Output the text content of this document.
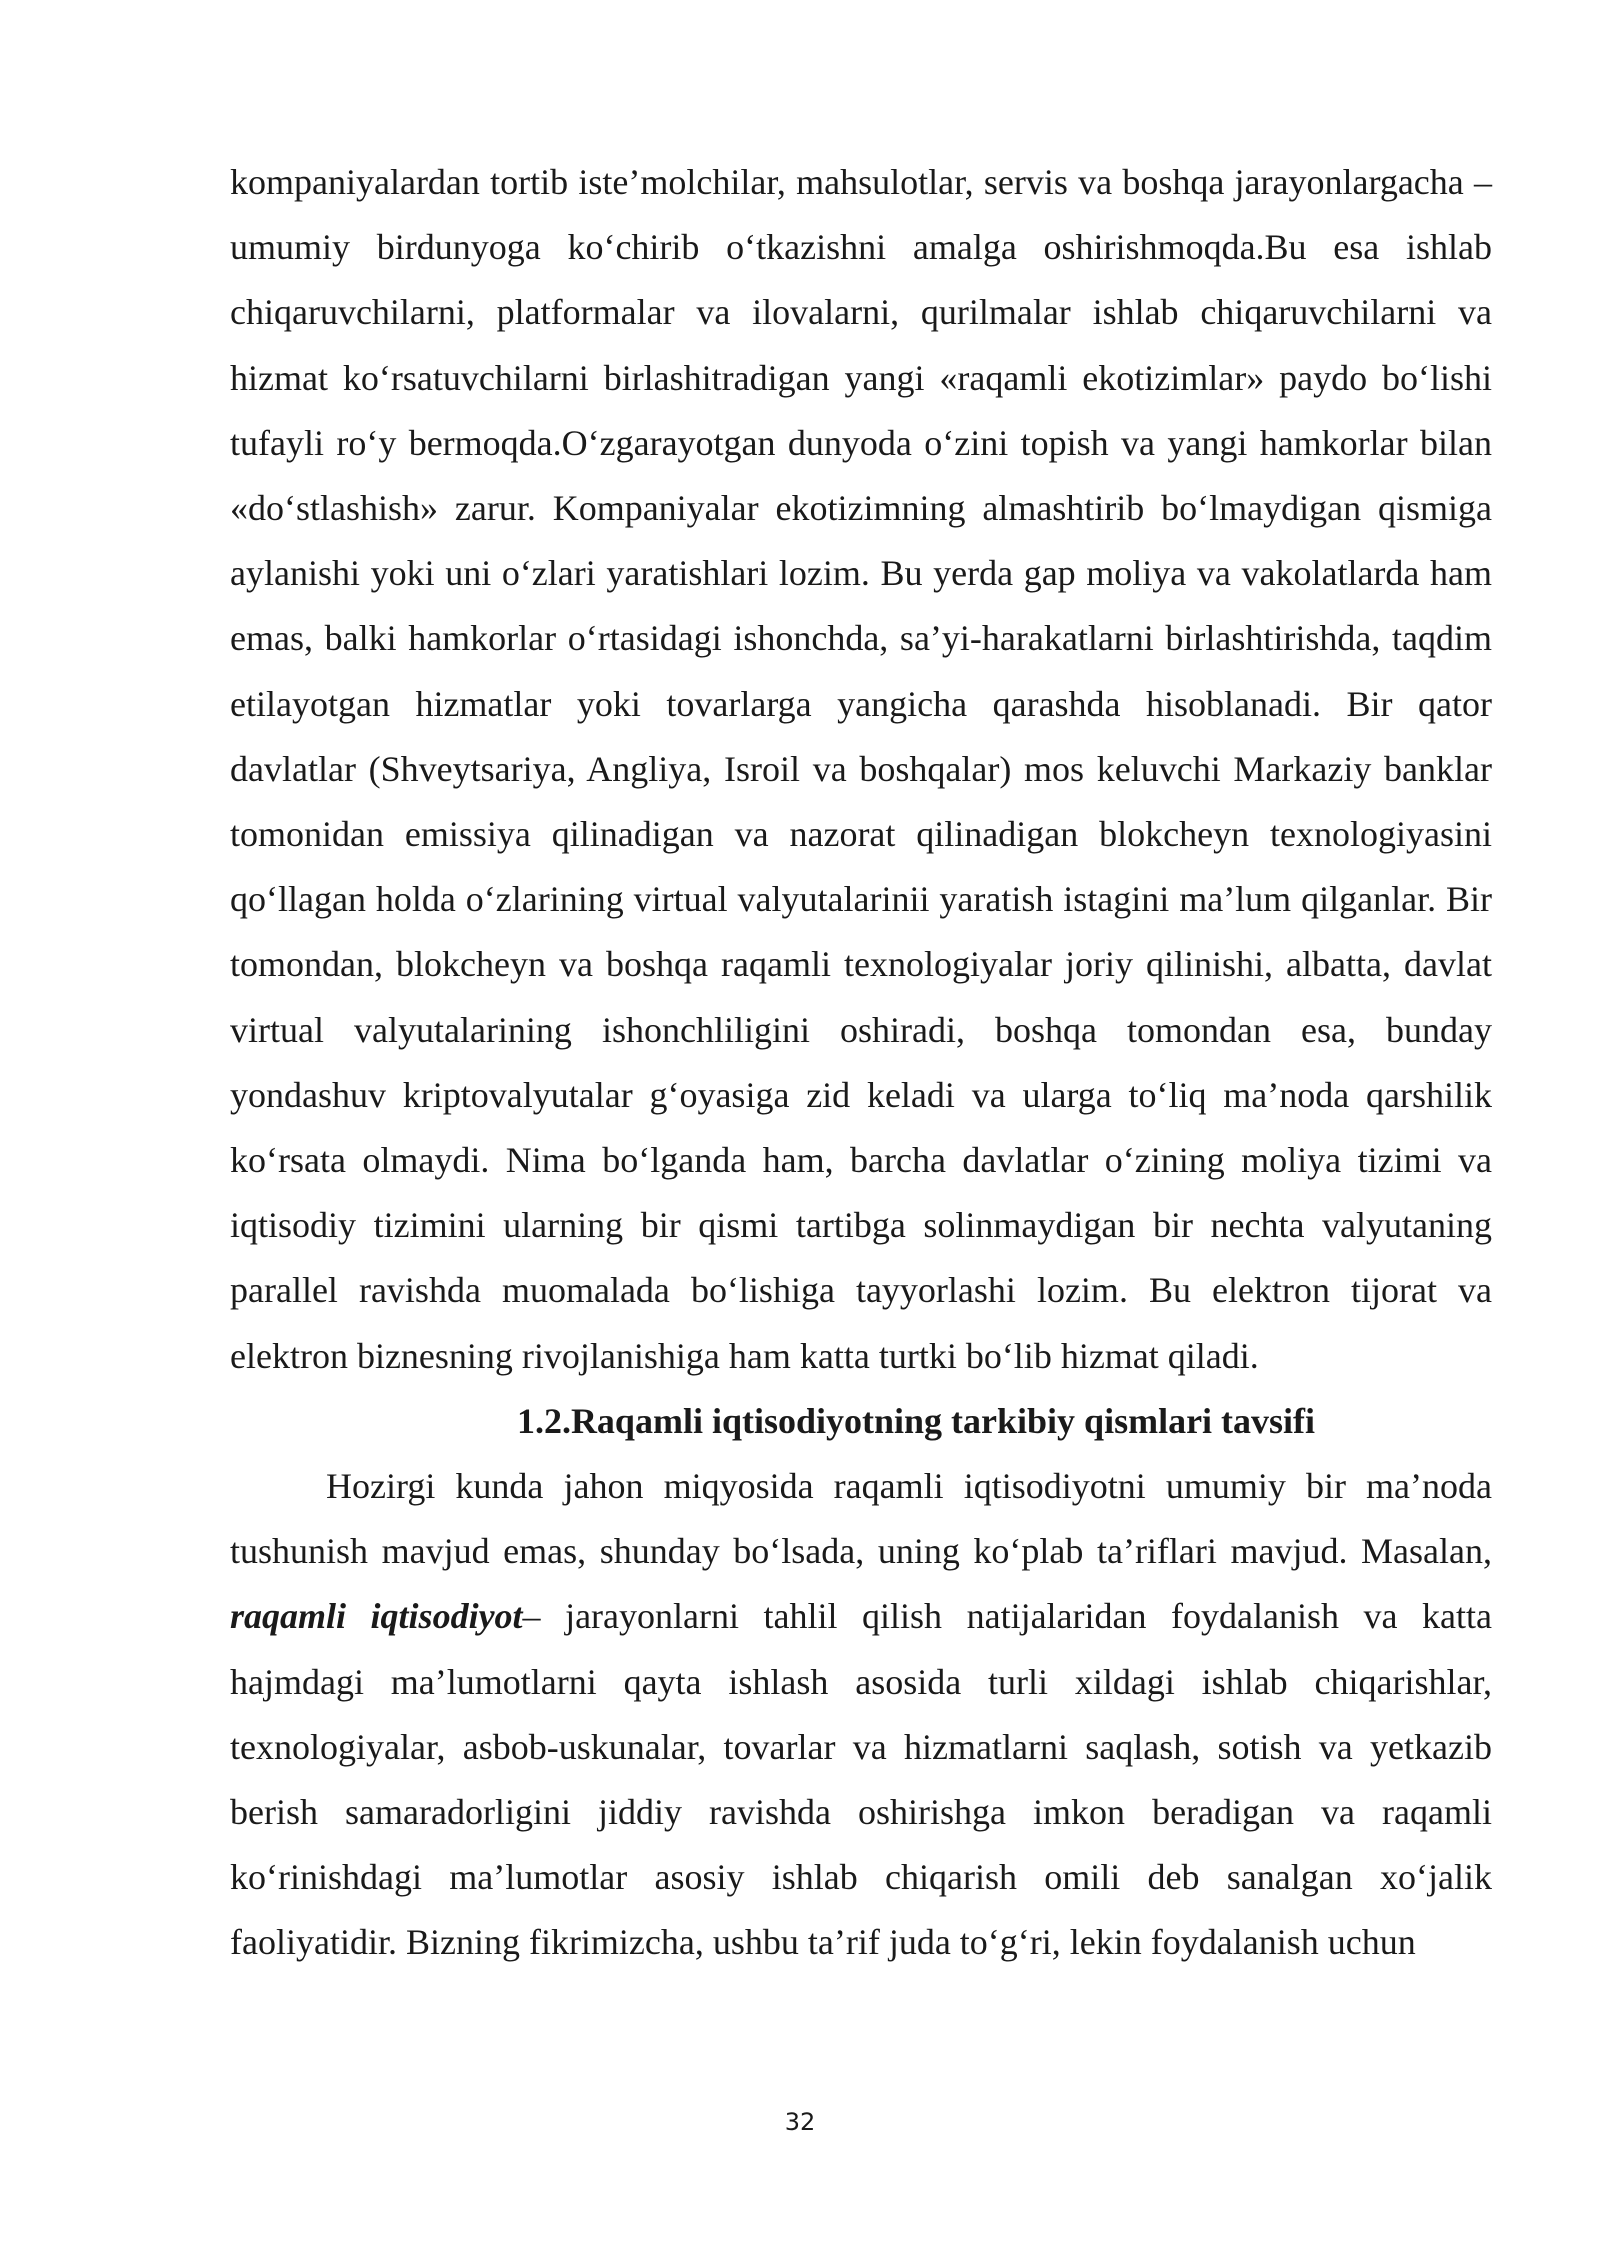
kompaniyalardan tortib iste’molchilar, mahsulotlar, servis va boshqa jarayonlargacha – umumiy birdunyoga ko‘chirib o‘tkazishni amalga oshirishmoqda.Bu esa ishlab chiqaruvchilarni, platformalar va ilovalarni, qurilmalar ishlab chiqaruvchilarni va hizmat ko‘rsatuvchilarni birlashitradigan yangi «raqamli ekotizimlar» paydo bo‘lishi tufayli ro‘y bermoqda.O‘zgarayotgan dunyoda o‘zini topish va yangi hamkorlar bilan «do‘stlashish» zarur. Kompaniyalar ekotizimning almashtirib bo‘lmaydigan qismiga aylanishi yoki uni o‘zlari yaratishlari lozim. Bu yerda gap moliya va vakolatlarda ham emas, balki hamkorlar o‘rtasidagi ishonchda, sa’yi-harakatlarni birlashtirishda, taqdim etilayotgan hizmatlar yoki tovarlarga yangicha qarashda hisoblanadi. Bir qator davlatlar (Shveytsariya, Angliya, Isroil va boshqalar) mos keluvchi Markaziy banklar tomonidan emissiya qilinadigan va nazorat qilinadigan blokcheyn texnologiyasini qo‘llagan holda o‘zlarining virtual valyutalarinii yaratish istagini ma’lum qilganlar. Bir tomondan, blokcheyn va boshqa raqamli texnologiyalar joriy qilinishi, albatta, davlat virtual valyutalarining ishonchliligini oshiradi, boshqa tomondan esa, bunday yondashuv kriptovalyutalar g‘oyasiga zid keladi va ularga to‘liq ma’noda qarshilik ko‘rsata olmaydi. Nima bo‘lganda ham, barcha davlatlar o‘zining moliya tizimi va iqtisodiy tizimini ularning bir qismi tartibga solinmaydigan bir nechta valyutaning parallel ravishda muomalada bo‘lishiga tayyorlashi lozim. Bu elektron tijorat va elektron biznesning rivojlanishiga ham katta turtki bo‘lib hizmat qiladi.

1.2.Raqamli iqtisodiyotning tarkibiy qismlari tavsifi

Hozirgi kunda jahon miqyosida raqamli iqtisodiyotni umumiy bir ma’noda tushunish mavjud emas, shunday bo‘lsada, uning ko‘plab ta’riflari mavjud. Masalan, raqamli iqtisodiyot– jarayonlarni tahlil qilish natijalaridan foydalanish va katta hajmdagi ma’lumotlarni qayta ishlash asosida turli xildagi ishlab chiqarishlar, texnologiyalar, asbob-uskunalar, tovarlar va hizmatlarni saqlash, sotish va yetkazib berish samaradorligini jiddiy ravishda oshirishga imkon beradigan va raqamli ko‘rinishdagi ma’lumotlar asosiy ishlab chiqarish omili deb sanalgan xo‘jalik faoliyatidir. Bizning fikrimizcha, ushbu ta’rif juda to‘g‘ri, lekin foydalanish uchun

32
